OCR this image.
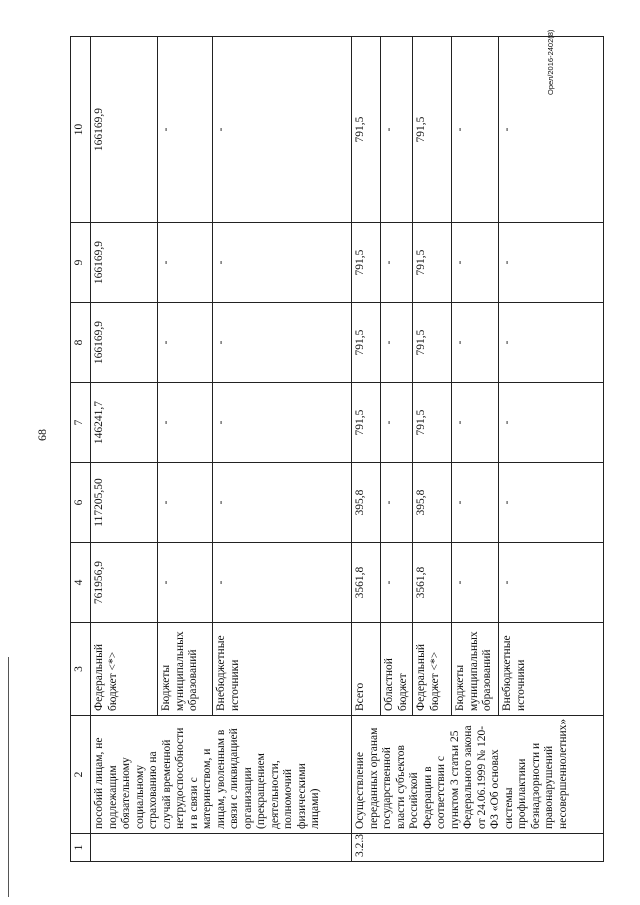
68
Орел/2016-2402(8)
1	2	3	4	6	7	8	9	10
	пособий лицам, не подлежащим обязательному социальному страхованию на случай временной нетрудоспособности и в связи с материнством, и лицам, уволенным в связи с ликвидацией организации (прекращением деятельности, полномочий физическими лицами)	Федеральный бюджет <*>	761956,9	117205,50	146241,7	166169,9	166169,9	166169,9
		Бюджеты муниципальных образований	-	-	-	-	-	-
		Внебюджетные источники	-	-	-	-	-	-
3.2.3	Осуществление переданных органам государственной власти субъектов Российской Федерации в соответствии с пунктом 3 статьи 25 Федерального закона от 24.06.1999 № 120-ФЗ «Об основах системы профилактики безнадзорности и правонарушений несовершеннолетних»	Всего	3561,8	395,8	791,5	791,5	791,5	791,5
		Областной бюджет	-	-	-	-	-	-
		Федеральный бюджет <*>	3561,8	395,8	791,5	791,5	791,5	791,5
		Бюджеты муниципальных образований	-	-	-	-	-	-
		Внебюджетные источники	-	-	-	-	-	-
